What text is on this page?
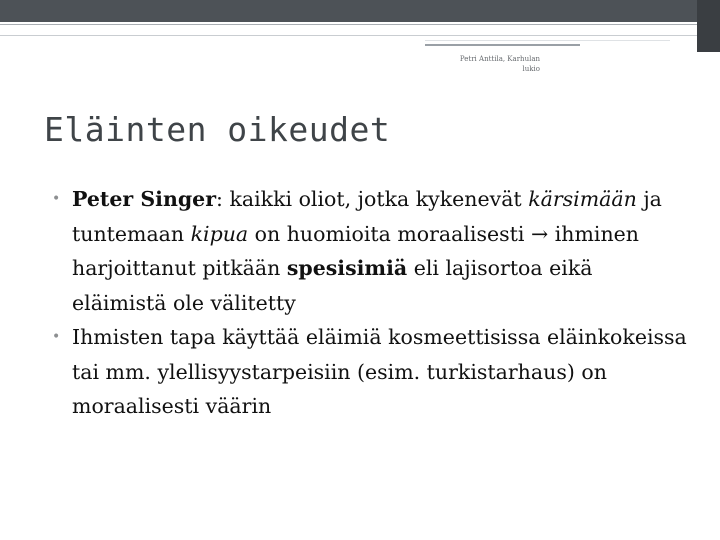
Petri Anttila, Karhulan
lukio
Eläinten oikeudet
• Peter Singer: kaikki oliot, jotka kykenevät kärsimään ja tuntemaan kipua on huomioita moraalisesti → ihminen harjoittanut pitkään spesisimiä eli lajisortoa eikä eläimistä ole välitetty
• Ihmisten tapa käyttää eläimiä kosmeettisissa eläinkokeissa tai mm. ylellisyystarpeisiin (esim. turkistarhaus) on moraalisesti väärin
